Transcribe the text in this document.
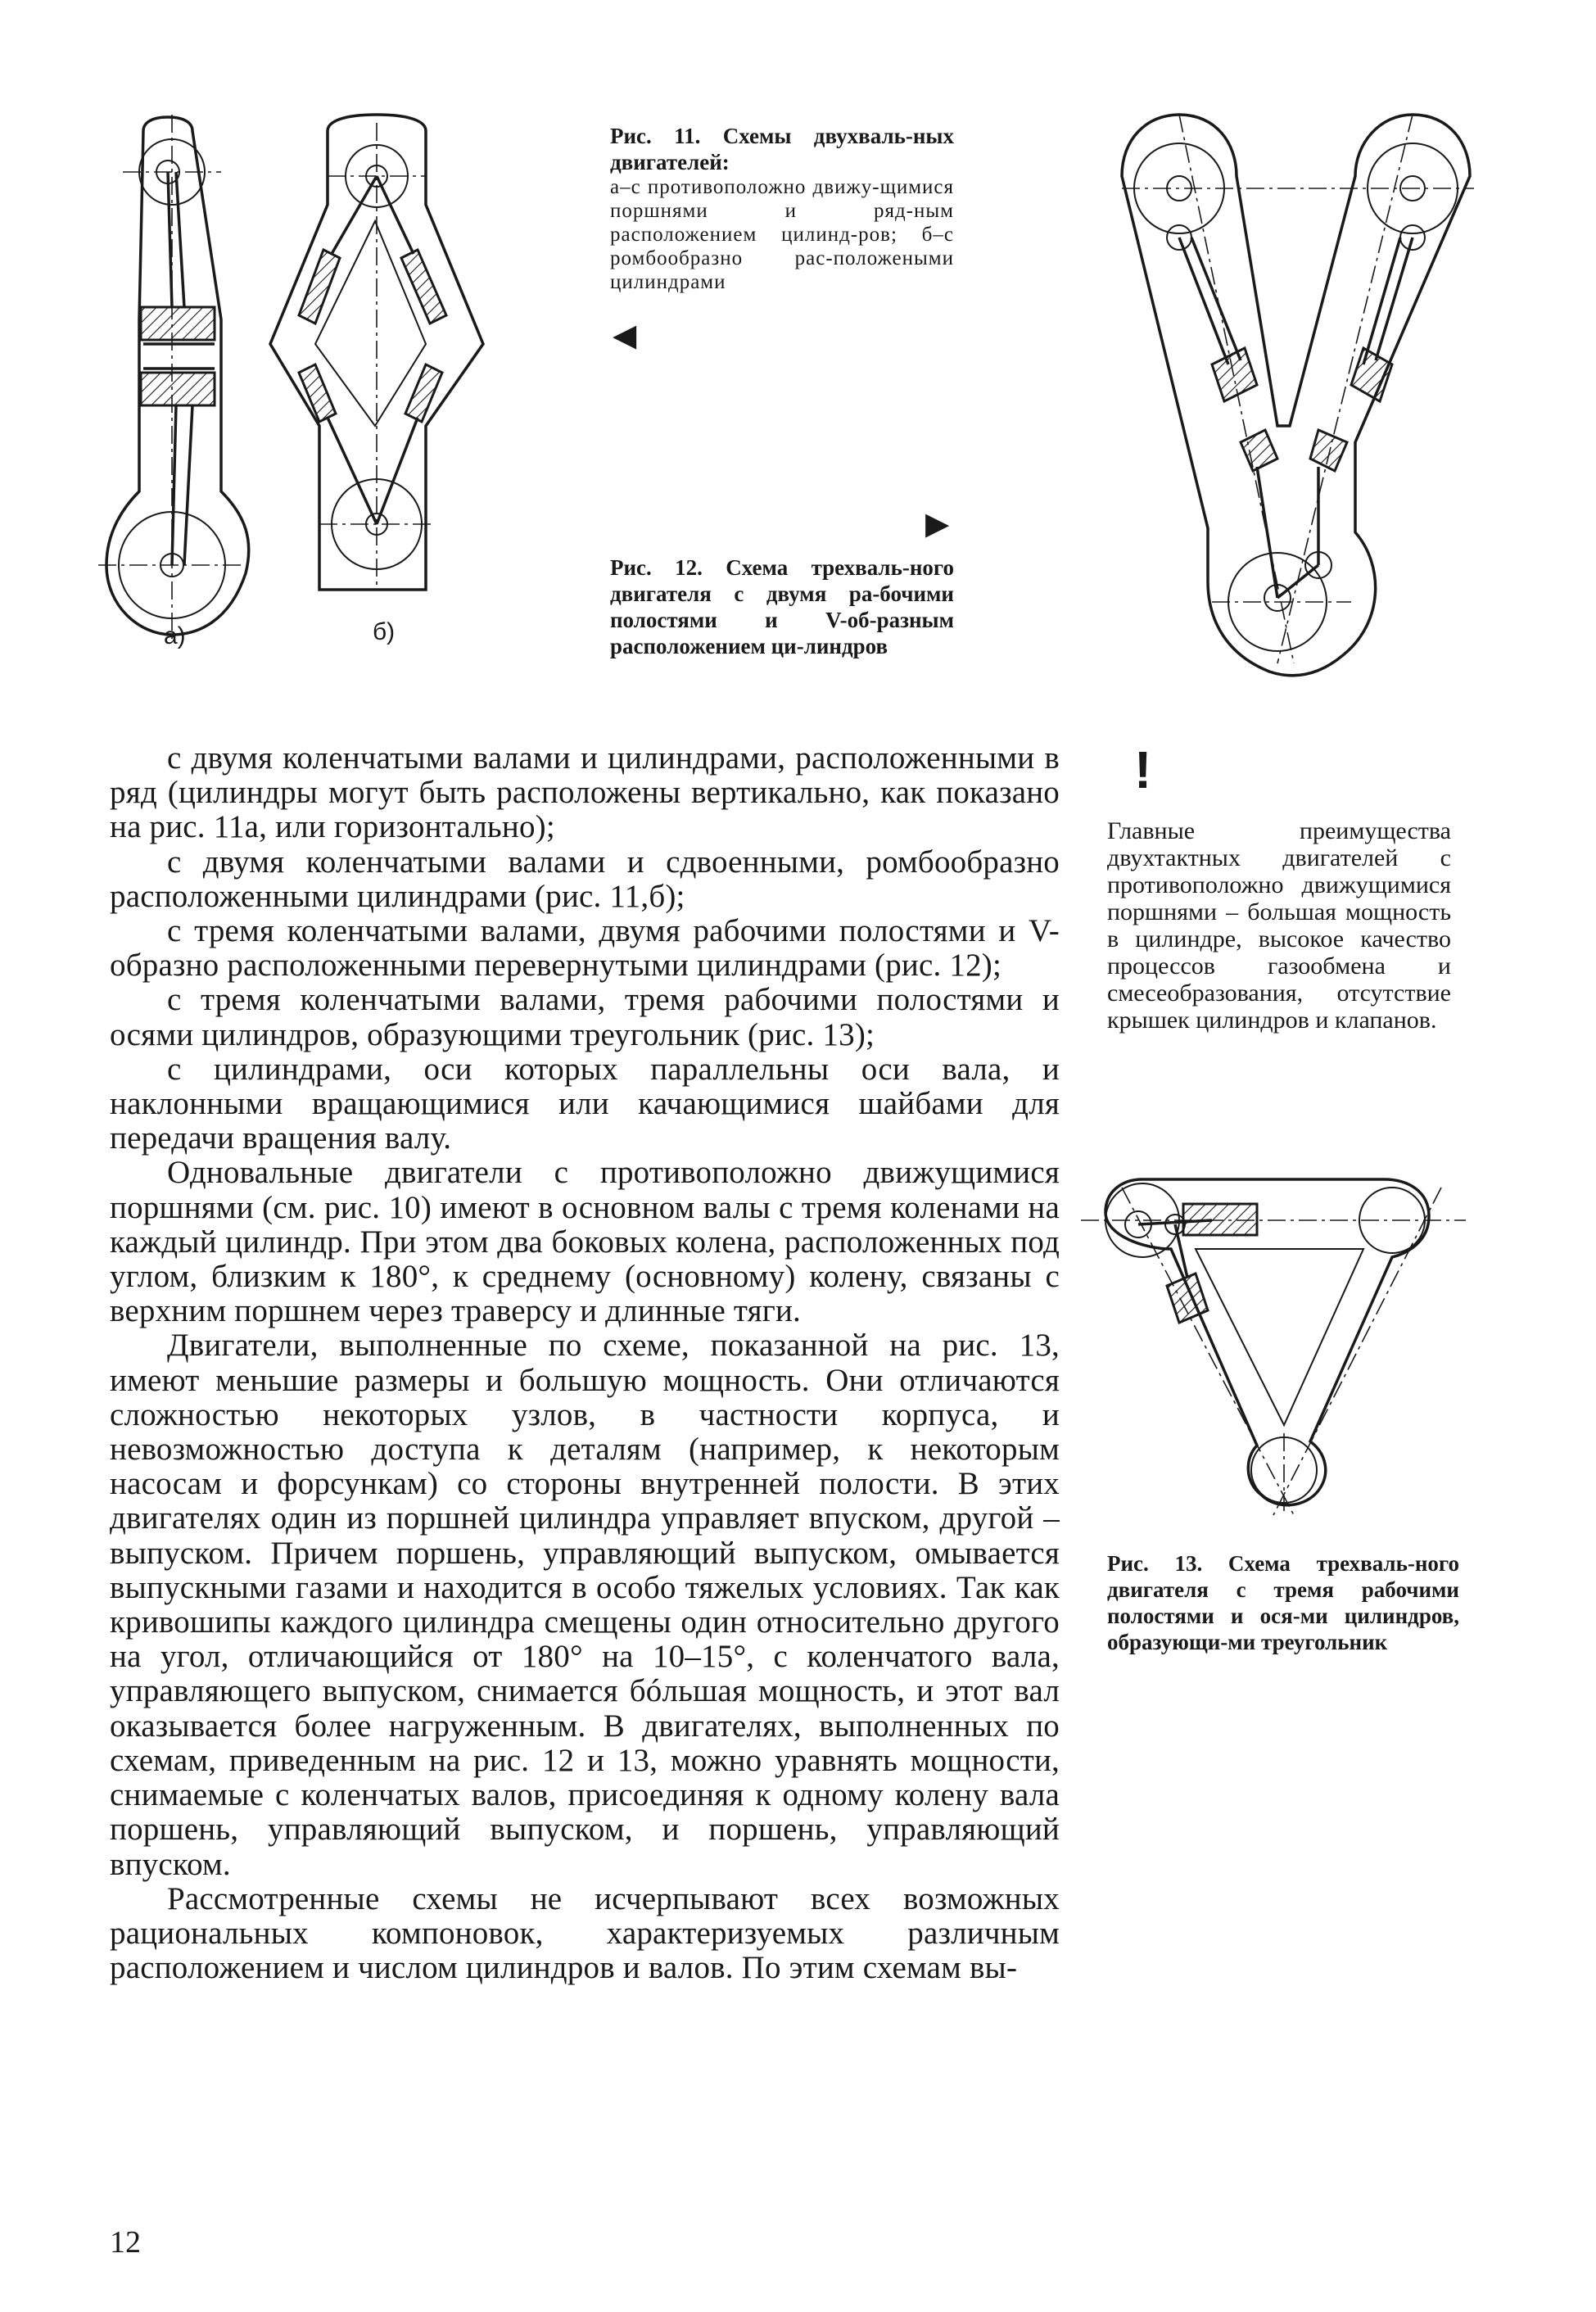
а)	б)
Рис. 11. Схемы двухваль-ных двигателей:
а–с противоположно движу-щимися поршнями и ряд-ным расположением цилинд-ров; б–с ромбообразно рас-положеными цилиндрами
◀
▶
Рис. 12. Схема трехваль-ного двигателя с двумя ра-бочими полостями и V-об-разным расположением ци-линдров
Рис. 13. Схема трехваль-ного двигателя с тремя рабочими полостями и ося-ми цилиндров, образующи-ми треугольник
!
Главные преимущества двухтактных двигателей с противоположно движущимися поршнями – большая мощность в цилиндре, высокое качество процессов газообмена и смесеобразования, отсутствие крышек цилиндров и клапанов.

с двумя коленчатыми валами и цилиндрами, расположенными в ряд (цилиндры могут быть расположены вертикально, как показано на рис. 11а, или горизонтально);

с двумя коленчатыми валами и сдвоенными, ромбообразно расположенными цилиндрами (рис. 11,б);

с тремя коленчатыми валами, двумя рабочими полостями и V-образно расположенными перевернутыми цилиндрами (рис. 12);

с тремя коленчатыми валами, тремя рабочими полостями и осями цилиндров, образующими треугольник (рис. 13);

с цилиндрами, оси которых параллельны оси вала, и наклонными вращающимися или качающимися шайбами для передачи вращения валу.

Одновальные двигатели с противоположно движущимися поршнями (см. рис. 10) имеют в основном валы с тремя коленами на каждый цилиндр. При этом два боковых колена, расположенных под углом, близким к 180°, к среднему (основному) колену, связаны с верхним поршнем через траверсу и длинные тяги.

Двигатели, выполненные по схеме, показанной на рис. 13, имеют меньшие размеры и большую мощность. Они отличаются сложностью некоторых узлов, в частности корпуса, и невозможностью доступа к деталям (например, к некоторым насосам и форсункам) со стороны внутренней полости. В этих двигателях один из поршней цилиндра управляет впуском, другой – выпуском. Причем поршень, управляющий выпуском, омывается выпускными газами и находится в особо тяжелых условиях. Так как кривошипы каждого цилиндра смещены один относительно другого на угол, отличающийся от 180° на 10–15°, с коленчатого вала, управляющего выпуском, снимается бóльшая мощность, и этот вал оказывается более нагруженным. В двигателях, выполненных по схемам, приведенным на рис. 12 и 13, можно уравнять мощности, снимаемые с коленчатых валов, присоединяя к одному колену вала поршень, управляющий выпуском, и поршень, управляющий впуском.

Рассмотренные схемы не исчерпывают всех возможных рациональных компоновок, характеризуемых различным расположением и числом цилиндров и валов. По этим схемам вы-

12
